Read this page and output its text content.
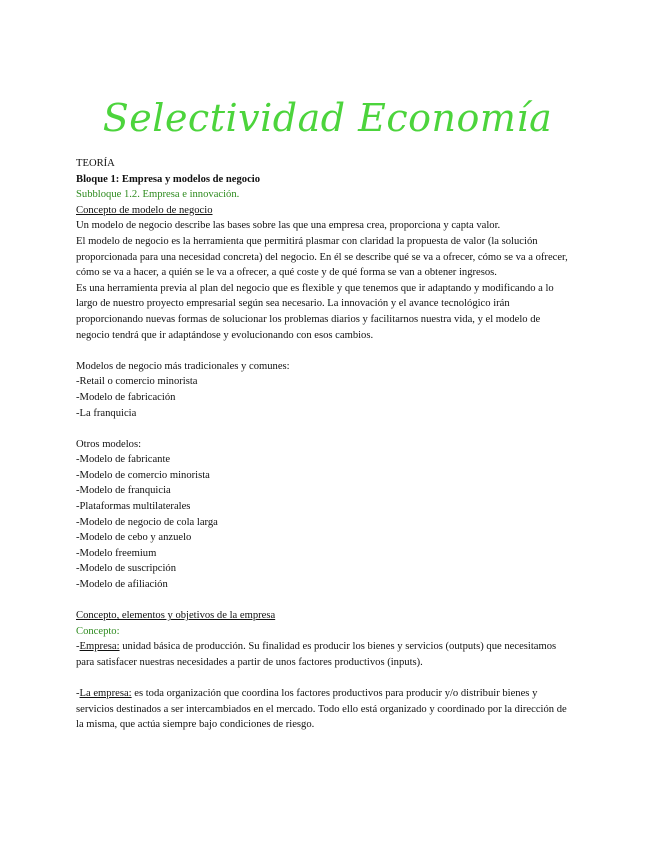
Selectividad Economía
TEORÍA
Bloque 1: Empresa y modelos de negocio
Subbloque 1.2. Empresa e innovación.
Concepto de modelo de negocio
Un modelo de negocio describe las bases sobre las que una empresa crea, proporciona y capta valor.
El modelo de negocio es la herramienta que permitirá plasmar con claridad la propuesta de valor (la solución proporcionada para una necesidad concreta) del negocio. En él se describe qué se va a ofrecer, cómo se va a ofrecer, cómo se va a hacer, a quién se le va a ofrecer, a qué coste y de qué forma se van a obtener ingresos.
Es una herramienta previa al plan del negocio que es flexible y que tenemos que ir adaptando y modificando a lo largo de nuestro proyecto empresarial según sea necesario. La innovación y el avance tecnológico irán proporcionando nuevas formas de solucionar los problemas diarios y facilitarnos nuestra vida, y el modelo de negocio tendrá que ir adaptándose y evolucionando con esos cambios.
Modelos de negocio más tradicionales y comunes:
-Retail o comercio minorista
-Modelo de fabricación
-La franquicia
Otros modelos:
-Modelo de fabricante
-Modelo de comercio minorista
-Modelo de franquicia
-Plataformas multilaterales
-Modelo de negocio de cola larga
-Modelo de cebo y anzuelo
-Modelo freemium
-Modelo de suscripción
-Modelo de afiliación
Concepto, elementos y objetivos de la empresa
Concepto:
-Empresa: unidad básica de producción. Su finalidad es producir los bienes y servicios (outputs) que necesitamos para satisfacer nuestras necesidades a partir de unos factores productivos (inputs).
-La empresa: es toda organización que coordina los factores productivos para producir y/o distribuir bienes y servicios destinados a ser intercambiados en el mercado. Todo ello está organizado y coordinado por la dirección de la misma, que actúa siempre bajo condiciones de riesgo.
